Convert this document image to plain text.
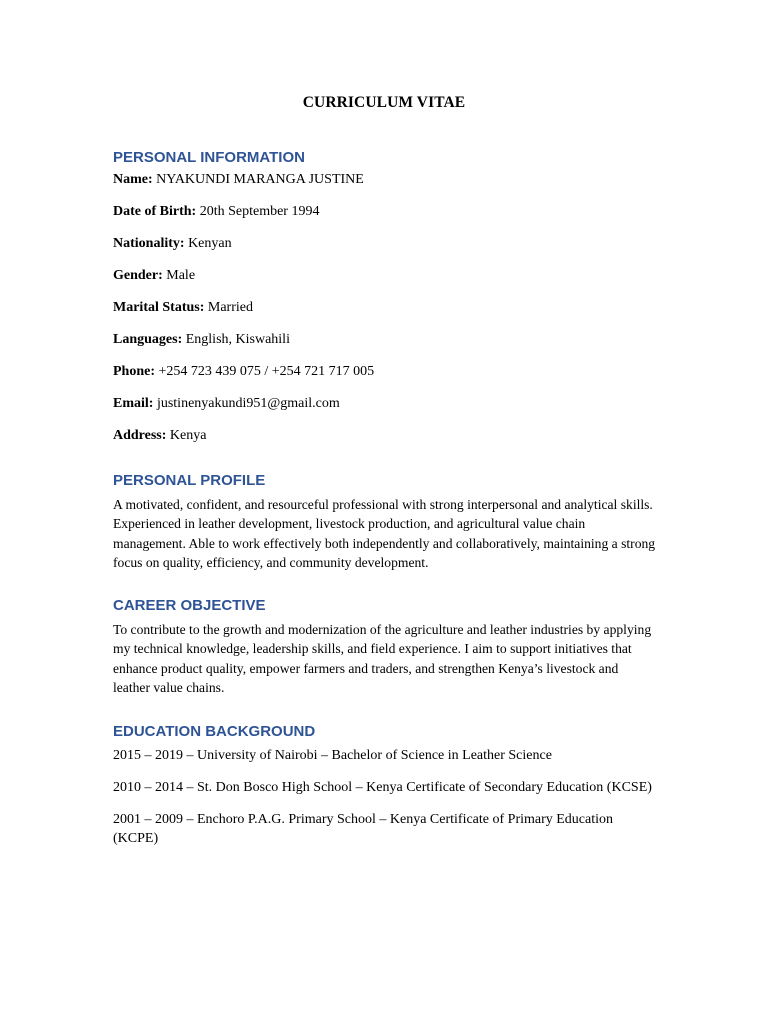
CURRICULUM VITAE
PERSONAL INFORMATION
Name: NYAKUNDI MARANGA JUSTINE
Date of Birth: 20th September 1994
Nationality: Kenyan
Gender: Male
Marital Status: Married
Languages: English, Kiswahili
Phone: +254 723 439 075 / +254 721 717 005
Email: justinenyakundi951@gmail.com
Address: Kenya
PERSONAL PROFILE

A motivated, confident, and resourceful professional with strong interpersonal and analytical skills. Experienced in leather development, livestock production, and agricultural value chain management. Able to work effectively both independently and collaboratively, maintaining a strong focus on quality, efficiency, and community development.

CAREER OBJECTIVE

To contribute to the growth and modernization of the agriculture and leather industries by applying my technical knowledge, leadership skills, and field experience. I aim to support initiatives that enhance product quality, empower farmers and traders, and strengthen Kenya’s livestock and leather value chains.

EDUCATION BACKGROUND
2015 – 2019 – University of Nairobi – Bachelor of Science in Leather Science
2010 – 2014 – St. Don Bosco High School – Kenya Certificate of Secondary Education (KCSE)
2001 – 2009 – Enchoro P.A.G. Primary School – Kenya Certificate of Primary Education (KCPE)
